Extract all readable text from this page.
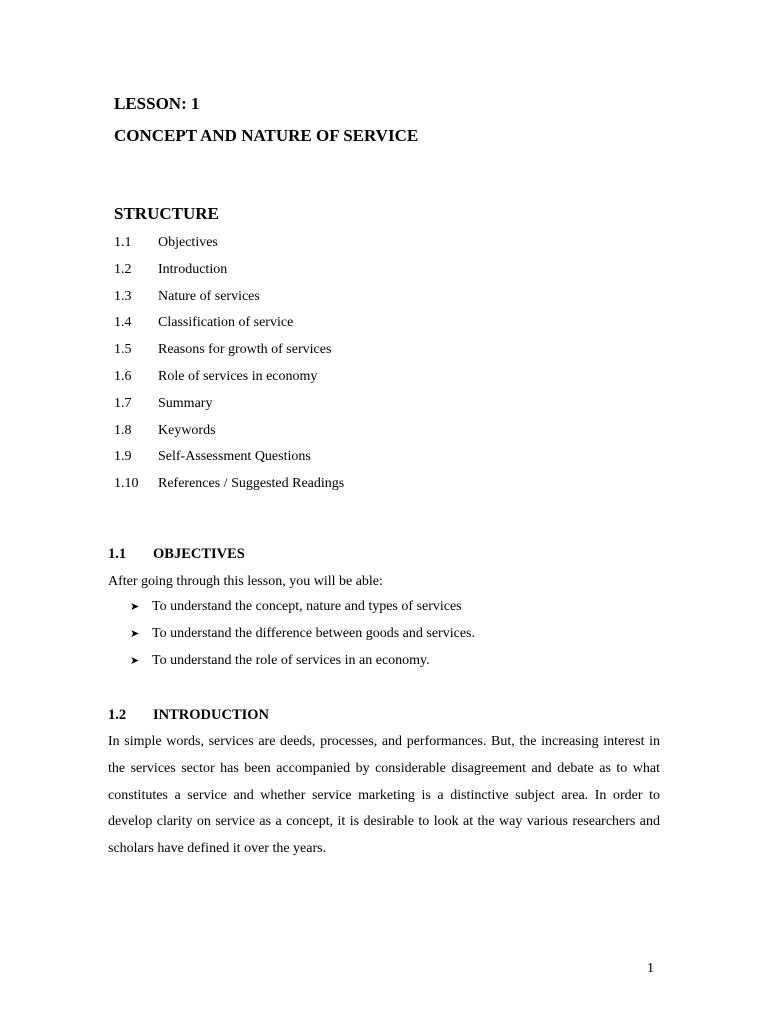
LESSON: 1
CONCEPT AND NATURE OF SERVICE
STRUCTURE
1.1	Objectives
1.2	Introduction
1.3	Nature of services
1.4	Classification of service
1.5	Reasons for growth of services
1.6	Role of services in economy
1.7	Summary
1.8	Keywords
1.9	Self-Assessment Questions
1.10	References / Suggested Readings
1.1	OBJECTIVES

After going through this lesson, you will be able:

➤ To understand the concept, nature and types of services
➤ To understand the difference between goods and services.
➤ To understand the role of services in an economy.
1.2	INTRODUCTION

In simple words, services are deeds, processes, and performances. But, the increasing interest in the services sector has been accompanied by considerable disagreement and debate as to what constitutes a service and whether service marketing is a distinctive subject area. In order to develop clarity on service as a concept, it is desirable to look at the way various researchers and scholars have defined it over the years.

1
